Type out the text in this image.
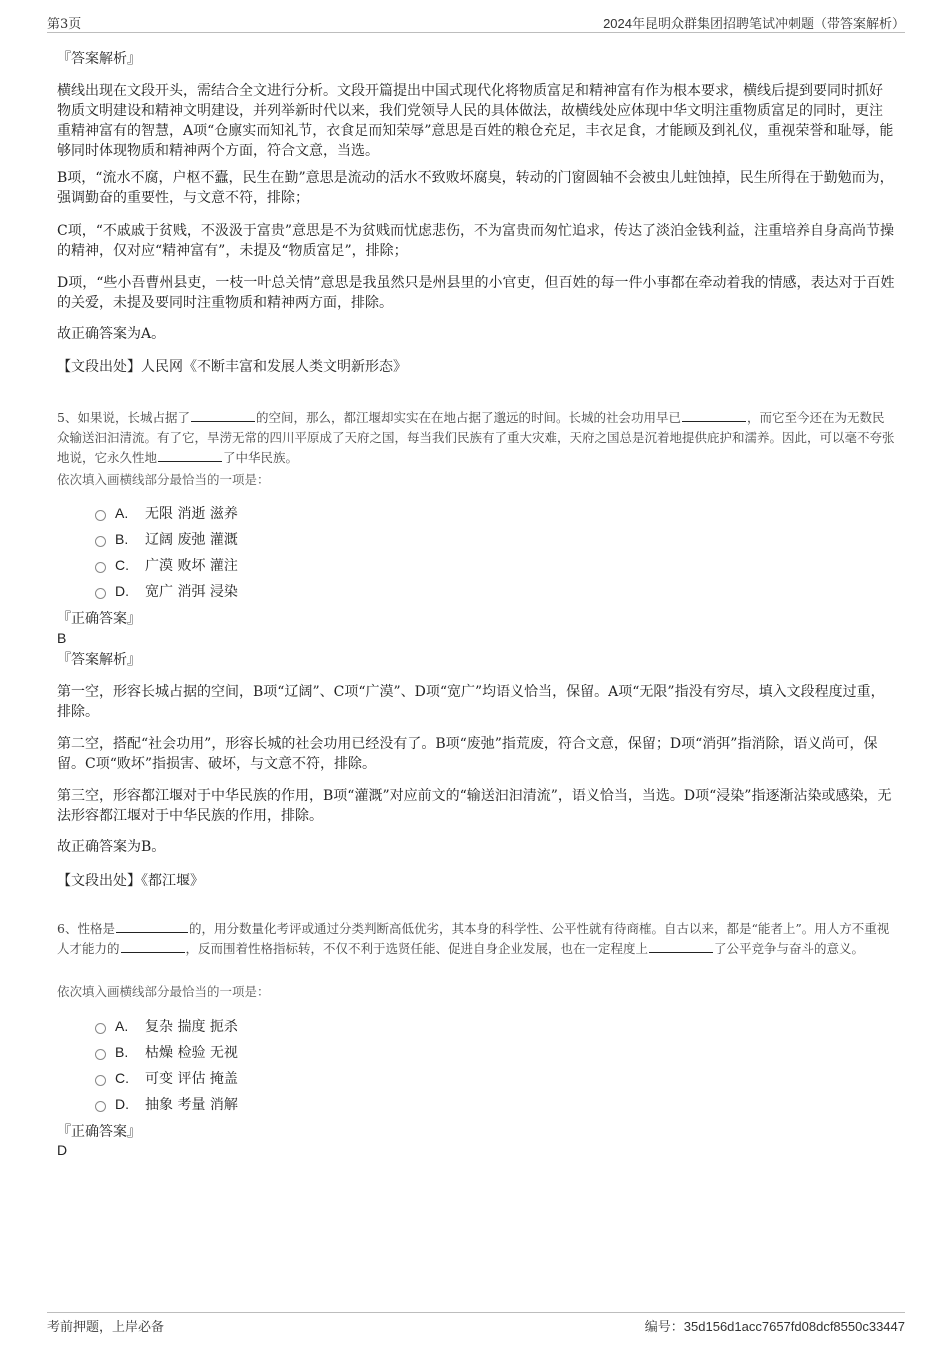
第3页	2024年昆明众群集团招聘笔试冲刺题（带答案解析）
『答案解析』

横线出现在文段开头，需结合全文进行分析。文段开篇提出中国式现代化将物质富足和精神富有作为根本要求，横线后提到要同时抓好物质文明建设和精神文明建设，并列举新时代以来，我们党领导人民的具体做法，故横线处应体现中华文明注重物质富足的同时，更注重精神富有的智慧，A项“仓廪实而知礼节，衣食足而知荣辱”意思是百姓的粮仓充足，丰衣足食，才能顾及到礼仪，重视荣誉和耻辱，能够同时体现物质和精神两个方面，符合文意，当选。

B项，“流水不腐，户枢不蠹，民生在勤”意思是流动的活水不致败坏腐臭，转动的门窗圆轴不会被虫儿蛀蚀掉，民生所得在于勤勉而为，强调勤奋的重要性，与文意不符，排除；

C项，“不戚戚于贫贱，不汲汲于富贵”意思是不为贫贱而忧虑悲伤，不为富贵而匆忙追求，传达了淡泊金钱利益，注重培养自身高尚节操的精神，仅对应“精神富有”，未提及“物质富足”，排除；

D项，“些小吾曹州县吏，一枝一叶总关情”意思是我虽然只是州县里的小官吏，但百姓的每一件小事都在牵动着我的情感，表达对于百姓的关爱，未提及要同时注重物质和精神两方面，排除。

故正确答案为A。

【文段出处】人民网《不断丰富和发展人类文明新形态》

5、如果说，长城占据了	的空间，那么，都江堰却实实在在地占据了邈远的时间。长城的社会功用早已	，而它至今还在为无数民众输送汩汩清流。有了它，旱涝无常的四川平原成了天府之国，每当我们民族有了重大灾难，天府之国总是沉着地提供庇护和濡养。因此，可以毫不夸张地说，它永久性地	了中华民族。

依次填入画横线部分最恰当的一项是：
A.	无限 消逝 滋养
B.	辽阔 废弛 灌溉
C.	广漠 败坏 灌注
D.	宽广 消弭 浸染
『正确答案』
B
『答案解析』

第一空，形容长城占据的空间，B项“辽阔”、C项“广漠”、D项“宽广”均语义恰当，保留。A项“无限”指没有穷尽，填入文段程度过重，排除。

第二空，搭配“社会功用”，形容长城的社会功用已经没有了。B项“废弛”指荒废，符合文意，保留；D项“消弭”指消除，语义尚可，保留。C项“败坏”指损害、破坏，与文意不符，排除。

第三空，形容都江堰对于中华民族的作用，B项“灌溉”对应前文的“输送汩汩清流”，语义恰当，当选。D项“浸染”指逐渐沾染或感染，无法形容都江堰对于中华民族的作用，排除。

故正确答案为B。

【文段出处】《都江堰》

6、性格是	的，用分数量化考评或通过分类判断高低优劣，其本身的科学性、公平性就有待商榷。自古以来，都是“能者上”。用人方不重视人才能力的	，反而围着性格指标转，不仅不利于选贤任能、促进自身企业发展，也在一定程度上	了公平竞争与奋斗的意义。

依次填入画横线部分最恰当的一项是：
A.	复杂 揣度 扼杀
B.	枯燥 检验 无视
C.	可变 评估 掩盖
D.	抽象 考量 消解
『正确答案』
D
考前押题，上岸必备	编号：35d156d1acc7657fd08dcf8550c33447
